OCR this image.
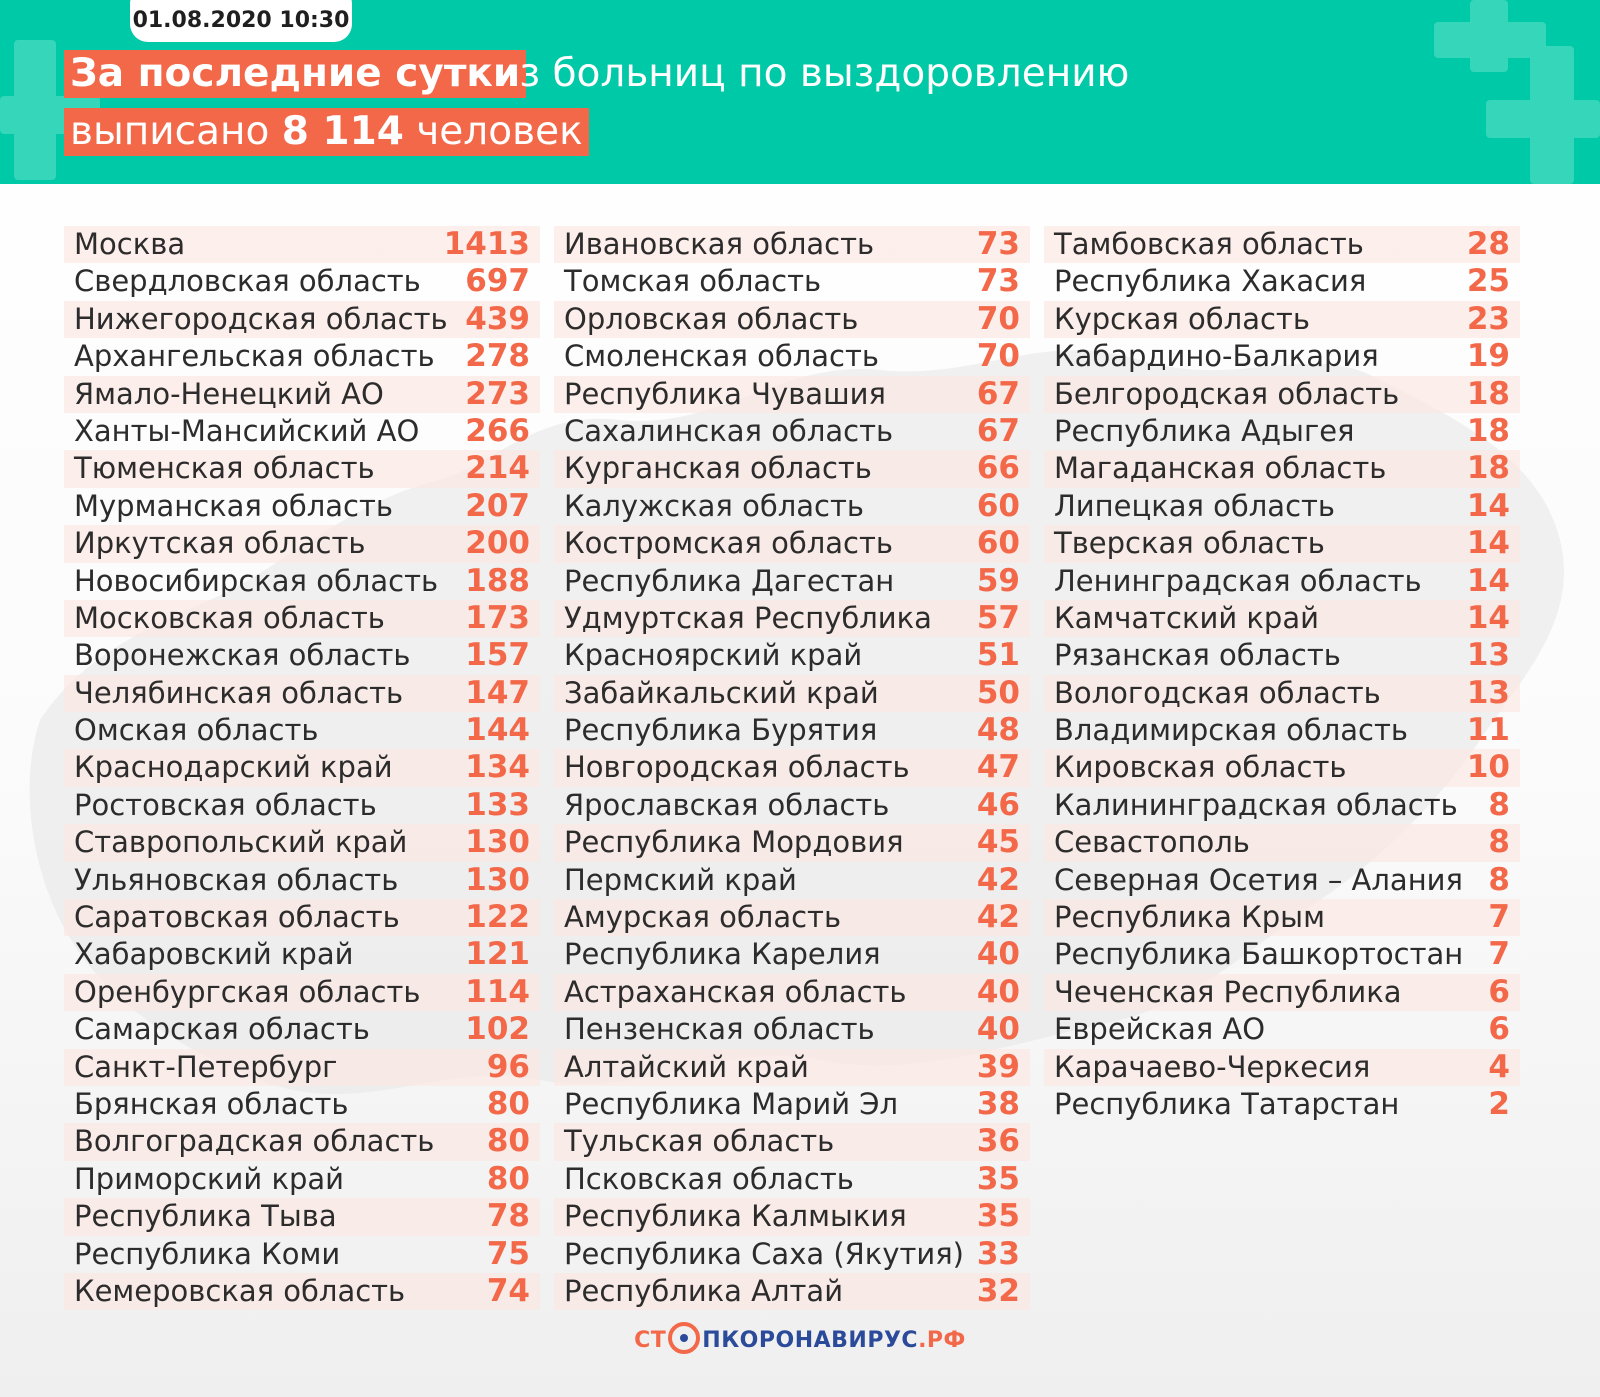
01.08.2020 10:30
За последние сутки
из больниц по выздоровлению
выписано 8 114 человек
Москва	1413
Свердловская область 697
Нижегородская область 439
Архангельская область 278
Ямало-Ненецкий АО	273
Ханты-Мансийский АО 266
Тюменская область	214
Мурманская область 207
Иркутская область	200
Новосибирская область 188
Московская область	173
Воронежская область 157
Челябинская область 147
Омская область	144
Краснодарский край 134
Ростовская область	133
Ставропольский край 130
Ульяновская область 130
Саратовская область 122
Хабаровский край	121
Оренбургская область 114
Самарская область	102
Санкт-Петербург	96
Брянская область	80
Волгоградская область 80
Приморский край	80
Республика Тыва	78
Республика Коми	75
Кемеровская область	74
Ивановская область	73
Томская область	73
Орловская область	70
Смоленская область	70
Республика Чувашия	67
Сахалинская область	67
Курганская область	66
Калужская область	60
Костромская область	60
Республика Дагестан	59
Удмуртская Республика 57
Красноярский край	51
Забайкальский край	50
Республика Бурятия	48
Новгородская область 47
Ярославская область	46
Республика Мордовия 45
Пермский край	42
Амурская область	42
Республика Карелия	40
Астраханская область 40
Пензенская область	40
Алтайский край	39
Республика Марий Эл	38
Тульская область	36
Псковская область	35
Республика Калмыкия 35
Республика Саха (Якутия) 33
Республика Алтай	32
Тамбовская область	28
Республика Хакасия	25
Курская область	23
Кабардино-Балкария	19
Белгородская область 18
Республика Адыгея	18
Магаданская область	18
Липецкая область	14
Тверская область	14
Ленинградская область 14
Камчатский край	14
Рязанская область	13
Вологодская область	13
Владимирская область 11
Кировская область	10
Калининградская область 8
Севастополь	8
Северная Осетия – Алания 8
Республика Крым	7
Республика Башкортостан 7
Чеченская Республика	6
Еврейская АО	6
Карачаево-Черкесия	4
Республика Татарстан	2
СТ ПКОРОНАВИРУС.РФ
